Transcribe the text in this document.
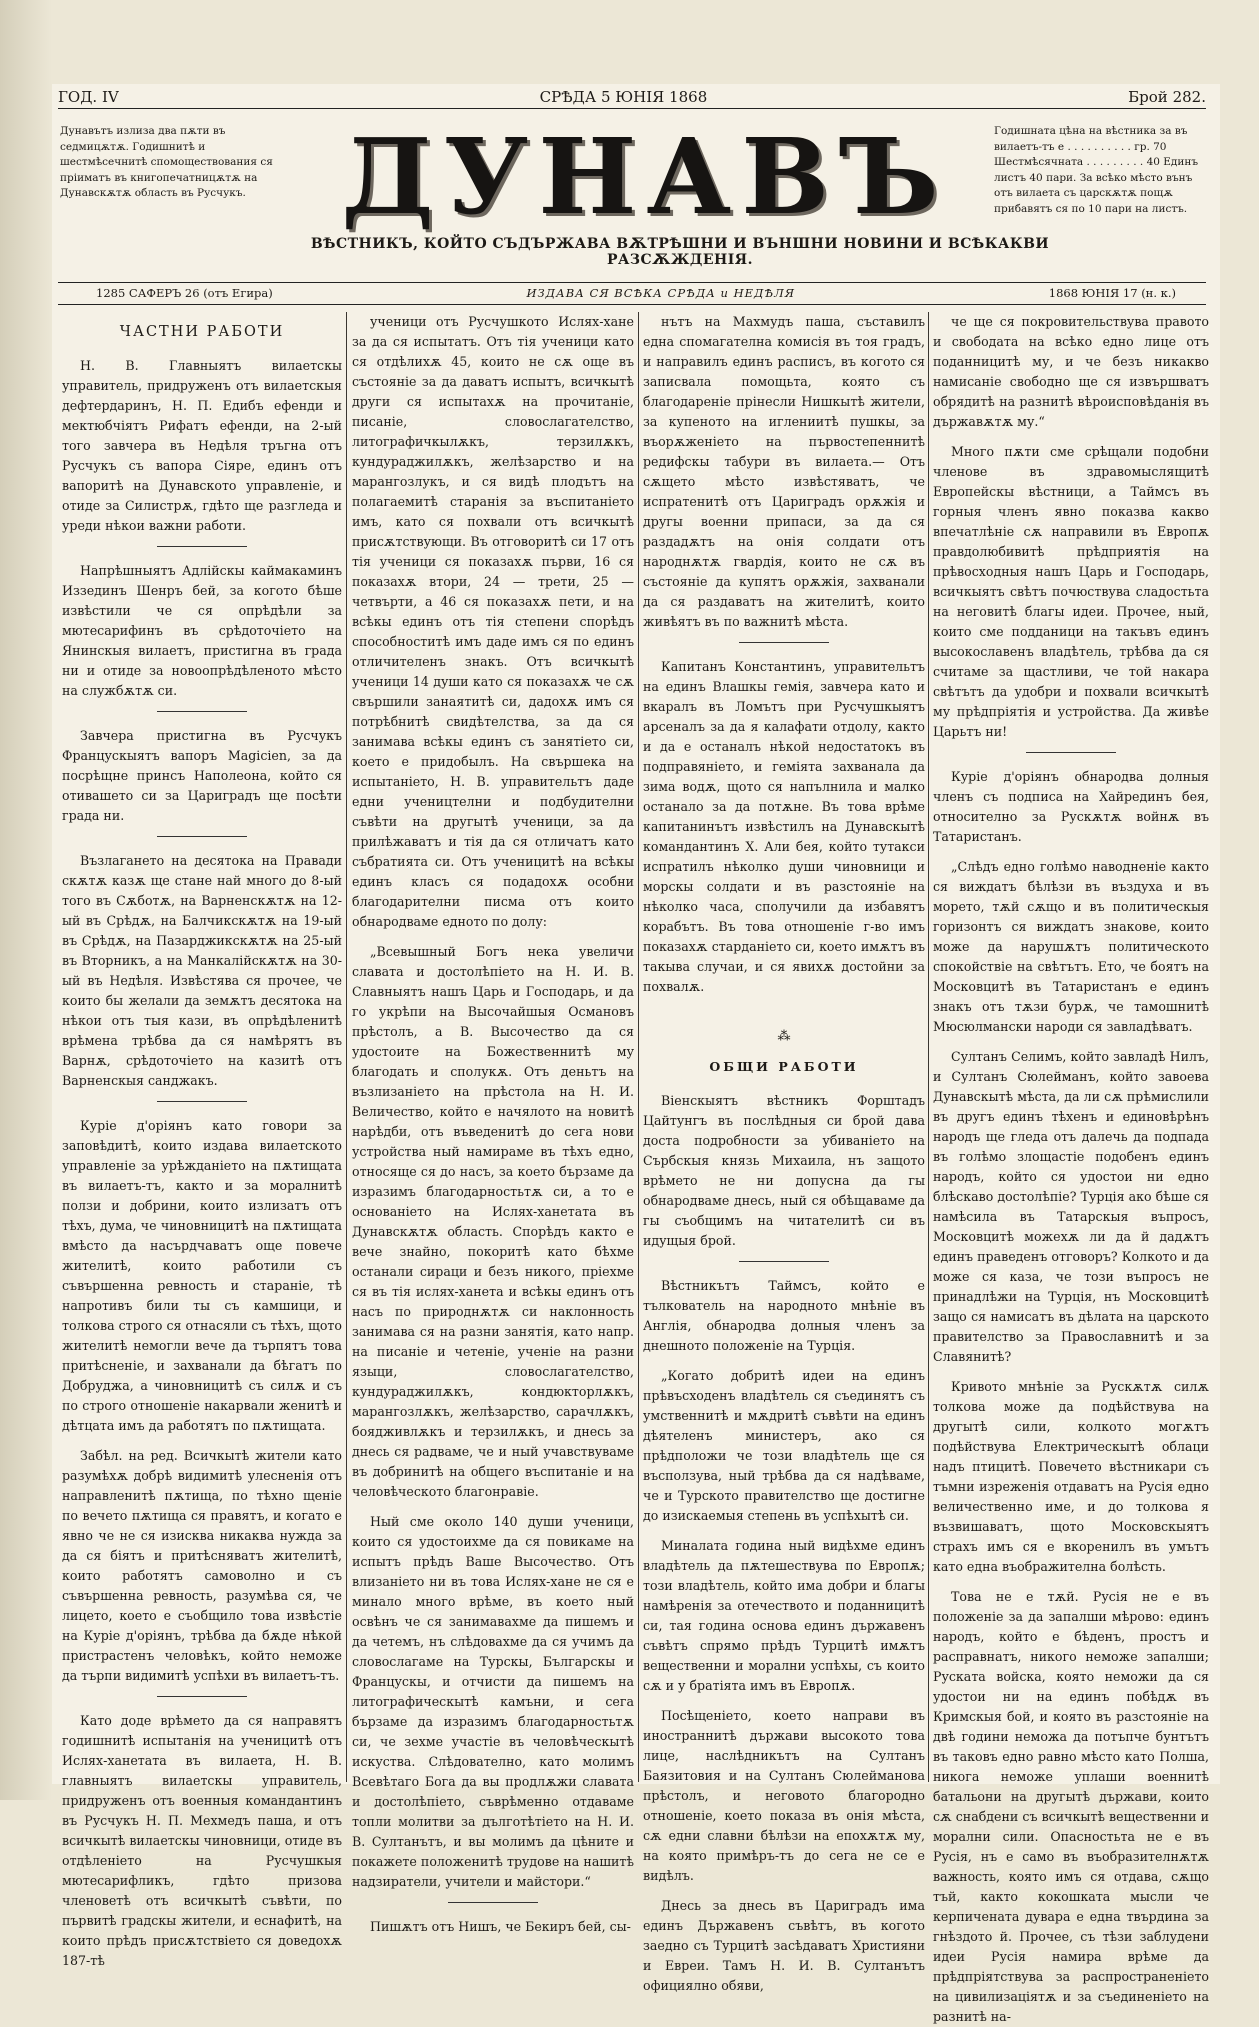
ГОД. IV	СРѢДА 5 ЮНІЯ 1868	Брой 282.

Дунавътъ излиза два пѫти въ седмицѫтѫ. Годишнитѣ и шестмѣсечнитѣ спомоществования ся пріиматъ въ книгопечатницѫтѫ на Дунавскѫтѫ область въ Русчукъ. ДУНАВЪ	Годишната цѣна на вѣстника за въ вилаетъ-тъ е . . . . . . . . . . гр. 70 Шестмѣсячната . . . . . . . . . 40 Единъ листъ 40 пари. За всѣко мѣсто вънъ отъ вилаета съ царскѫтѫ пощѫ прибавятъ ся по 10 пари на листъ.

ВѢСТНИКЪ, КОЙТО СЪДЪРЖАВА ВѪТРѢШНИ И ВЪНШНИ НОВИНИ И ВСѢКАКВИ РАЗСѪЖДЕНІЯ.
1285 САФЕРЪ 26 (отъ Егира)	ИЗДАВА СЯ ВСѢКА СРѢДА и НЕДѢЛЯ	1868 ЮНІЯ 17 (н. к.)
ЧАСТНИ РАБОТИ

Н. В. Главныятъ вилаетскы управитель, придруженъ отъ вилаетскыя дефтердаринъ, Н. П. Едибъ ефенди и мектюбчіятъ Рифатъ ефенди, на 2-ый того завчера въ Недѣля тръгна отъ Русчукъ съ вапора Сіяре, единъ отъ вапоритѣ на Дунавското управленіе, и отиде за Силистрѫ, гдѣто ще разгледа и уреди нѣкои важни работи.

Напрѣшныятъ Адлійскы каймакаминъ Иззединъ Шенръ бей, за когото бѣше извѣстили че ся опрѣдѣли за мютесарифинъ въ срѣдоточіето на Янинскыя вилаетъ, пристигна въ града ни и отиде за новоопрѣдѣленото мѣсто на службѫтѫ си.

Завчера пристигна въ Русчукъ Францускыятъ вапоръ Magicien, за да посрѣщне принсъ Наполеона, който ся отивашето си за Цариградъ ще посѣти града ни.

Възлагането на десятока на Правади скѫтѫ казѫ ще стане най много до 8-ый того въ Сѫботѫ, на Варненскѫтѫ на 12-ый въ Срѣдѫ, на Балчикскѫтѫ на 19-ый въ Срѣдѫ, на Пазарджикскѫтѫ на 25-ый въ Вторникъ, а на Манкалійскѫтѫ на 30-ый въ Недѣля. Извѣстява ся прочее, че които бы желали да земѫтъ десятока на нѣкои отъ тыя кази, въ опрѣдѣленитѣ врѣмена трѣбва да ся намѣрятъ въ Варнѫ, срѣдоточіето на казитѣ отъ Варненскыя санджакъ.

Куріе д'оріянъ като говори за заповѣдитѣ, които издава вилаетското управленіе за урѣжданіето на пѫтищата въ вилаетъ-тъ, както и за моралнитѣ ползи и добрини, които излизатъ отъ тѣхъ, дума, че чиновницитѣ на пѫтищата вмѣсто да насърдчаватъ още повече жителитѣ, които работили съ съвършенна ревность и стараніе, тѣ напротивъ били ты съ камшици, и толкова строго ся отнасяли съ тѣхъ, щото жителитѣ немогли вече да търпятъ това притѣсненіе, и захванали да бѣгатъ по Добруджа, а чиновницитѣ съ силѫ и съ по строго отношеніе накарвали женитѣ и дѣтцата имъ да работятъ по пѫтищата.

Забѣл. на ред. Всичкытѣ жители като разумѣхѫ добрѣ видимитѣ улесненія отъ направленитѣ пѫтища, по тѣхно щеніе по вечето пѫтища ся правятъ, и когато е явно че не ся изисква никаква нужда за да ся біятъ и притѣсняватъ жителитѣ, които работятъ самоволно и съ съвършенна ревность, разумѣва ся, че лицето, което е съобщило това извѣстіе на Куріе д'оріянъ, трѣбва да бѫде нѣкой пристрастенъ человѣкъ, който неможе да търпи видимитѣ успѣхи въ вилаетъ-тъ.

Като доде врѣмето да ся направятъ годишнитѣ испытанія на ученицитѣ отъ Ислях-ханетата въ вилаета, Н. В. главныятъ вилаетскы управитель, придруженъ отъ военныя командантинъ въ Русчукъ Н. П. Мехмедъ паша, и отъ всичкытѣ вилаетскы чиновници, отиде въ отдѣленіето на Русчушкыя мютесарифликъ, гдѣто призова членоветѣ отъ всичкытѣ съвѣти, по първитѣ градскы жители, и еснафитѣ, на които прѣдъ присѫтствіето ся доведохѫ 187-тѣ

ученици отъ Русчушкото Ислях-хане за да ся испытатъ. Отъ тія ученици като ся отдѣлихѫ 45, които не сѫ още въ състояніе за да даватъ испытъ, всичкытѣ други ся испытахѫ на прочитаніе, писаніе, словослагателство, литографичкылѫкъ, терзилѫкъ, кундураджилѫкъ, желѣзарство и на марангозлукъ, и ся видѣ плодътъ на полагаемитѣ старанія за въспитаніето имъ, като ся похвали отъ всичкытѣ присѫтствующи. Въ отговоритѣ си 17 отъ тія ученици ся показахѫ първи, 16 ся показахѫ втори, 24 — трети, 25 — четвърти, а 46 ся показахѫ пети, и на всѣкы единъ отъ тія степени спорѣдъ способноститѣ имъ даде имъ ся по единъ отличителенъ знакъ. Отъ всичкытѣ ученици 14 души като ся показахѫ че сѫ свършили занаятитѣ си, дадохѫ имъ ся потрѣбнитѣ свидѣтелства, за да ся занимава всѣкы единъ съ занятіето си, което е придобылъ. На свършека на испытаніето, Н. В. управительтъ даде едни учеництелни и подбудителни съвѣти на другытѣ ученици, за да прилѣжаватъ и тія да ся отличатъ като събратията си. Отъ ученицитѣ на всѣкы единъ класъ ся подадохѫ особни благодарителни писма отъ които обнародваме едното по долу:

„Всевышный Богъ нека увеличи славата и достолѣпіето на Н. И. В. Славныятъ нашъ Царь и Господарь, и да го укрѣпи на Высочайшыя Османовъ прѣстолъ, а В. Высочество да ся удостоите на Божественнитѣ му благодать и сполукѫ. Отъ деньтъ на възлизаніето на прѣстола на Н. И. Величество, който е начялото на новитѣ нарѣдби, отъ въведенитѣ до сега нови устройства ный намираме въ тѣхъ едно, относяще ся до насъ, за което бързаме да изразимъ благодарностьтѫ си, а то е основаніето на Ислях-ханетата въ Дунавскѫтѫ область. Спорѣдъ както е вече знайно, покоритѣ като бѣхме останали сираци и безъ никого, пріехме ся въ тія ислях-ханета и всѣкы единъ отъ насъ по природнѫтѫ си наклонность занимава ся на разни занятія, като напр. на писаніе и четеніе, ученіе на разни языци, словослагателство, кундураджилѫкъ, кондюкторлѫкъ, марангозлѫкъ, желѣзарство, сарачлѫкъ, боядживлѫкъ и терзилѫкъ, и днесь за днесь ся радваме, че и ный учавствуваме въ добринитѣ на общего въспитаніе и на человѣческото благонравіе.

Ный сме около 140 души ученици, които ся удостоихме да ся повикаме на испытъ прѣдъ Ваше Высочество. Отъ влизаніето ни въ това Ислях-хане не ся е минало много врѣме, въ което ный освѣнъ че ся занимавахме да пишемъ и да четемъ, нъ слѣдовахме да ся учимъ да словослагаме на Турскы, Българскы и Францускы, и отчисти да пишемъ на литографическытѣ камъни, и сега бързаме да изразимъ благодарностьтѫ си, че зехме участіе въ человѣческытѣ искуства. Слѣдователно, като молимъ Всевѣтаго Бога да вы продлѫжи славата и достолѣпіето, съврѣменно отдаваме топли молитви за дълготѣтіето на Н. И. В. Султанътъ, и вы молимъ да цѣните и покажете положенитѣ трудове на нашитѣ надзиратели, учители и майстори.“

Пишѫтъ отъ Нишъ, че Бекиръ бей, сы-

нътъ на Махмудъ паша, съставилъ една спомагателна комисія въ тоя градъ, и направилъ единъ расписъ, въ когото ся записвала помощьта, която съ благодареніе прінесли Нишкытѣ жители, за купеното на иглениитѣ пушкы, за въорѫженіето на първостепеннитѣ редифскы табури въ вилаета.— Отъ сѫщето мѣсто извѣстяватъ, че испратенитѣ отъ Цариградъ орѫжія и другы военни припаси, за да ся раздадѫтъ на онія солдати отъ народнѫтѫ гвардія, които не сѫ въ състояніе да купятъ орѫжія, захванали да ся раздаватъ на жителитѣ, които живѣятъ въ по важнитѣ мѣста.

Капитанъ Константинъ, управительтъ на единъ Влашкы гемія, завчера като и вкаралъ въ Ломътъ при Русчушкыятъ арсеналъ за да я калафати отдолу, както и да е останалъ нѣкой недостатокъ въ подправяніето, и геміята захванала да зима водѫ, щото ся напълнила и малко останало за да потѫне. Въ това врѣме капитанинътъ извѣстилъ на Дунавскытѣ командантинъ Х. Али бея, който тутакси испратилъ нѣколко души чиновници и морскы солдати и въ разстояніе на нѣколко часа, сполучили да избавятъ корабътъ. Въ това отношеніе г-во имъ показахѫ старданіето си, което имѫтъ въ такыва случаи, и ся явихѫ достойни за похвалѫ.

⁂
ОБЩИ РАБОТИ

Віенскыятъ вѣстникъ Форштадъ Цайтунгъ въ послѣдныя си брой дава доста подробности за убиваніето на Сърбскыя князь Михаила, нъ защото врѣмето не ни допусна да гы обнародваме днесь, ный ся обѣщаваме да гы съобщимъ на читателитѣ си въ идущыя брой.

Вѣстникътъ Таймсъ, който е тълкователь на народното мнѣніе въ Англія, обнародва долныя членъ за днешното положеніе на Турція.

„Когато добритѣ идеи на единъ прѣвъсходенъ владѣтель ся съединятъ съ умственнитѣ и мѫдритѣ съвѣти на единъ дѣятеленъ министеръ, ако ся прѣдположи че този владѣтель ще ся въсползува, ный трѣбва да ся надѣваме, че и Турското правителство ще достигне до изискаемыя степень въ успѣхытѣ си.

Миналата година ный видѣхме единъ владѣтель да пѫтешествува по Европѫ; този владѣтель, който има добри и благы намѣренія за отечеството и поданницитѣ си, тая година основа единъ държавенъ съвѣтъ спрямо прѣдъ Турцитѣ имѫтъ вещественни и морални успѣхы, съ които сѫ и у братіята имъ въ Европѫ.

Посѣщеніето, което направи въ иностраннитѣ държави высокото това лице, наслѣдникътъ на Султанъ Баязитовия и на Султанъ Сюлейманова прѣстолъ, и неговото благородно отношеніе, което показа въ онія мѣста, сѫ едни славни бѣлѣзи на епохѫтѫ му, на която примѣръ-тъ до сега не се е видѣлъ.

Днесь за днесь въ Цариградъ има единъ Държавенъ съвѣтъ, въ когото заедно съ Турцитѣ засѣдаватъ Християни и Евреи. Тамъ Н. И. В. Султанътъ официялно обяви,

че ще ся покровительствува правото и свободата на всѣко едно лице отъ поданницитѣ му, и че безъ никакво намисаніе свободно ще ся извършватъ обрядитѣ на разнитѣ вѣроисповѣданія въ държавѫтѫ му.“

Много пѫти сме срѣщали подобни членове въ здравомыслящитѣ Европейскы вѣстници, а Таймсъ въ горныя членъ явно показва какво впечатлѣніе сѫ направили въ Европѫ правдолюбивитѣ прѣдприятія на прѣвосходныя нашъ Царь и Господарь, всичкыятъ свѣтъ почюствува сладостьта на неговитѣ благы идеи. Прочее, ный, които сме подданици на такъвъ единъ высокославенъ владѣтель, трѣбва да ся считаме за щастливи, че той накара свѣтътъ да удобри и похвали всичкытѣ му прѣдпріятія и устройства. Да живѣе Царьтъ ни!

Куріе д'оріянъ обнародва долныя членъ съ подписа на Хайрединъ бея, относително за Рускѫтѫ войнѫ въ Татаристанъ.

„Слѣдъ едно голѣмо наводненіе както ся виждатъ бѣлѣзи въ въздуха и въ морето, тѫй сѫщо и въ политическыя горизонтъ ся виждатъ знакове, които може да нарушѫтъ политическото спокойствіе на свѣтътъ. Ето, че боятъ на Московцитѣ въ Татаристанъ е единъ знакъ отъ тѫзи бурѫ, че тамошнитѣ Мюсюлмански народи ся завладѣватъ.

Султанъ Селимъ, който завладѣ Нилъ, и Султанъ Сюлейманъ, който завоева Дунавскытѣ мѣста, да ли сѫ прѣмислили въ другъ единъ тѣхенъ и единовѣрѣнъ народъ ще гледа отъ далечь да подпада въ голѣмо злощастіе подобенъ единъ народъ, който ся удостои ни едно блѣскаво достолѣпіе? Турція ако бѣше ся намѣсила въ Татарскыя въпросъ, Московцитѣ можехѫ ли да й дадѫтъ единъ праведенъ отговоръ? Колкото и да може ся каза, че този въпросъ не принадлѣжи на Турція, нъ Московцитѣ защо ся намисатъ въ дѣлата на царското правителство за Православнитѣ и за Славянитѣ?

Кривото мнѣніе за Рускѫтѫ силѫ толкова може да подѣйствува на другытѣ сили, колкото могѫтъ подѣйствува Електрическытѣ облаци надъ птицитѣ. Повечето вѣстникари съ тъмни изреженія отдаватъ на Русія едно величественно име, и до толкова я възвишаватъ, щото Московскыятъ страхъ имъ ся е вкоренилъ въ умътъ като една въображителна болѣсть.

Това не е тѫй. Русія не е въ положеніе за да запалши мѣрово: единъ народъ, който е бѣденъ, простъ и расправнатъ, никого неможе запалши; Руската войска, която неможи да ся удостои ни на единъ побѣдѫ въ Кримскыя бой, и която въ разстояніе на двѣ години неможа да потъпче бунтътъ въ таковъ едно равно мѣсто като Полша, никога неможе уплаши военнитѣ батальони на другытѣ държави, които сѫ снабдени съ всичкытѣ вещественни и морални сили. Опасностьта не е въ Русія, нъ е само въ въобразителнѫтѫ важность, която имъ ся отдава, сѫщо тъй, както кокошката мысли че керпичената дувара е една твърдина за гнѣздото й. Прочее, съ тѣзи заблудени идеи Русія намира врѣме да прѣдпріятствува за распространеніето на цивилизаціятѫ и за съединеніето на разнитѣ на-
